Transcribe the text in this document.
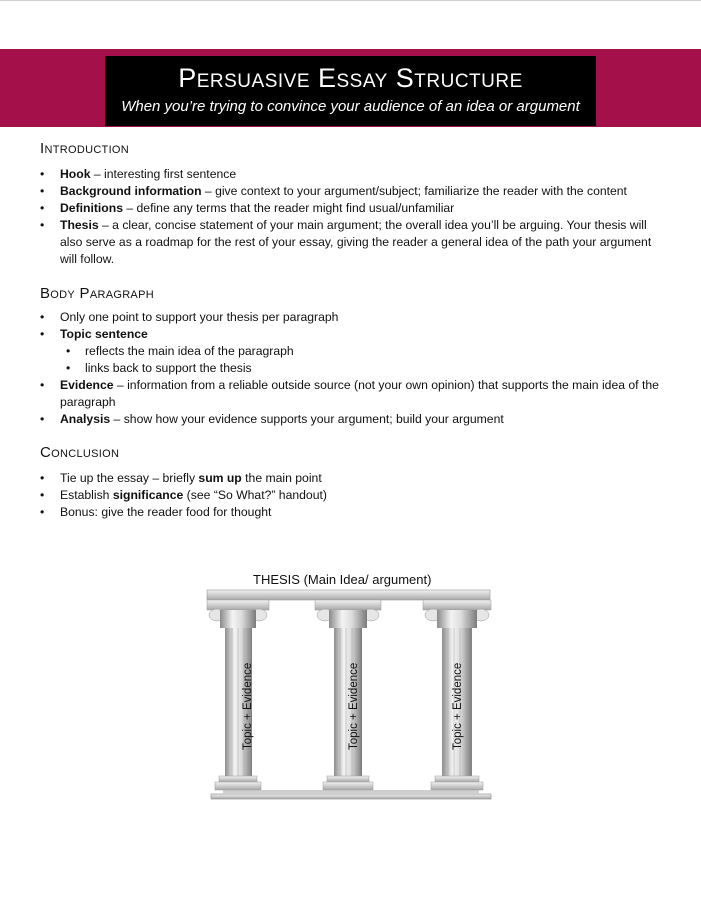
Persuasive Essay Structure
When you’re trying to convince your audience of an idea or argument
Introduction
• Hook – interesting first sentence
• Background information – give context to your argument/subject; familiarize the reader with the content
• Definitions – define any terms that the reader might find usual/unfamiliar
• Thesis – a clear, concise statement of your main argument; the overall idea you’ll be arguing. Your thesis will also serve as a roadmap for the rest of your essay, giving the reader a general idea of the path your argument will follow.
Body Paragraph
• Only one point to support your thesis per paragraph
• Topic sentence
• reflects the main idea of the paragraph
• links back to support the thesis
• Evidence – information from a reliable outside source (not your own opinion) that supports the main idea of the paragraph
• Analysis – show how your evidence supports your argument; build your argument
Conclusion
• Tie up the essay – briefly sum up the main point
• Establish significance (see “So What?” handout)
• Bonus: give the reader food for thought
THESIS (Main Idea/ argument)
Topic + Evidence	Topic + Evidence	Topic + Evidence
